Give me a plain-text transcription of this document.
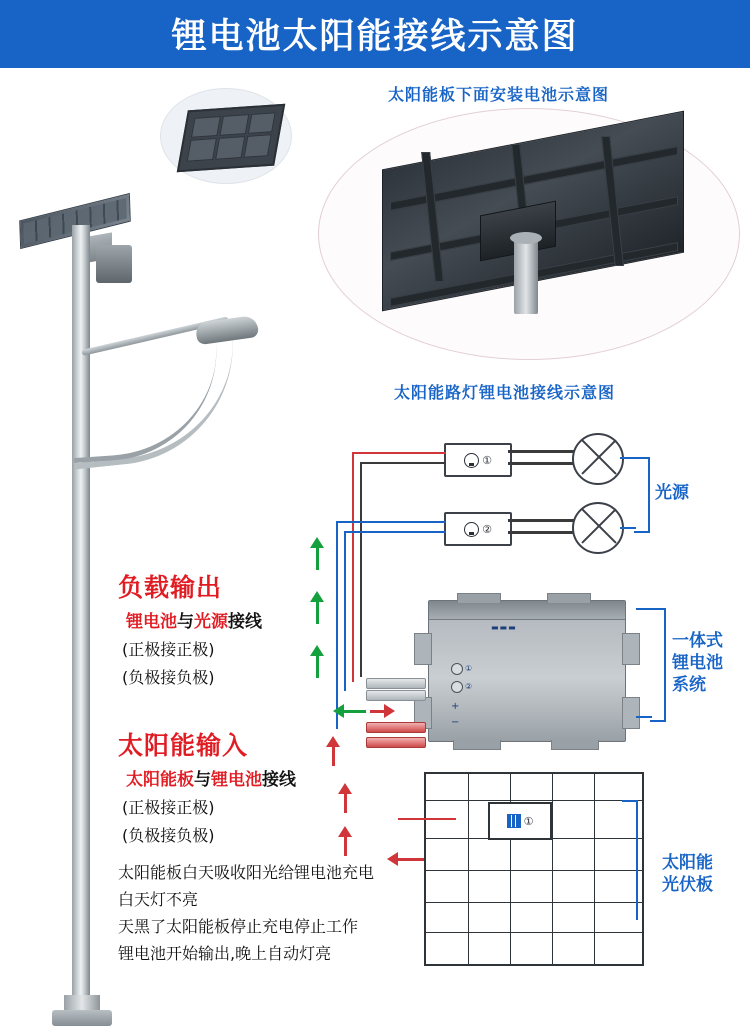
锂电池太阳能接线示意图
太阳能板下面安装电池示意图
太阳能路灯锂电池接线示意图
①
②
光源
▬▬▬
①
②
+
−
一体式
锂电池
系统
①
太阳能
光伏板
负载输出
锂电池与光源接线
(正极接正极)
(负极接负极)
太阳能输入
太阳能板与锂电池接线
(正极接正极)
(负极接负极)
太阳能板白天吸收阳光给锂电池充电
白天灯不亮
天黑了太阳能板停止充电停止工作
锂电池开始输出,晚上自动灯亮
